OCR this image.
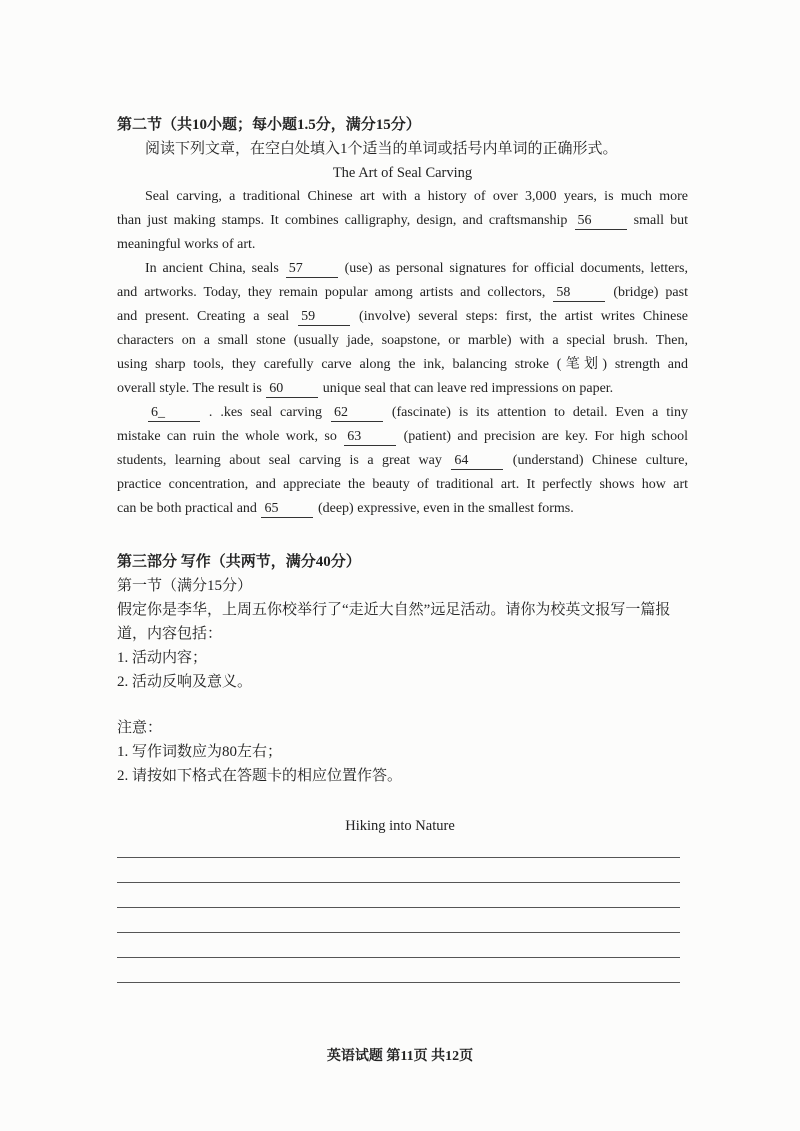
第二节（共10小题；每小题1.5分，满分15分）
阅读下列文章，在空白处填入1个适当的单词或括号内单词的正确形式。
The Art of Seal Carving
Seal carving, a traditional Chinese art with a history of over 3,000 years, is much more
than just making stamps. It combines calligraphy, design, and craftsmanship 56	small but
meaningful works of art.
In ancient China, seals 57	(use) as personal signatures for official documents, letters,
and artworks. Today, they remain popular among artists and collectors, 58	(bridge) past
and present. Creating a seal 59	(involve) several steps: first, the artist writes Chinese
characters on a small stone (usually jade, soapstone, or marble) with a special brush. Then,
using sharp tools, they carefully carve along the ink, balancing stroke (笔划) strength and
overall style. The result is 60	unique seal that can leave red impressions on paper.
6_	. .kes seal carving 62	(fascinate) is its attention to detail. Even a tiny
mistake can ruin the whole work, so 63	(patient) and precision are key. For high school
students, learning about seal carving is a great way 64	(understand) Chinese culture,
practice concentration, and appreciate the beauty of traditional art. It perfectly shows how art
can be both practical and 65	(deep) expressive, even in the smallest forms.
第三部分 写作（共两节，满分40分）
第一节（满分15分）
假定你是李华，上周五你校举行了“走近大自然”远足活动。请你为校英文报写一篇报
道，内容包括：
1. 活动内容；
2. 活动反响及意义。
注意：
1. 写作词数应为80左右；
2. 请按如下格式在答题卡的相应位置作答。
Hiking into Nature
英语试题 第11页 共12页
